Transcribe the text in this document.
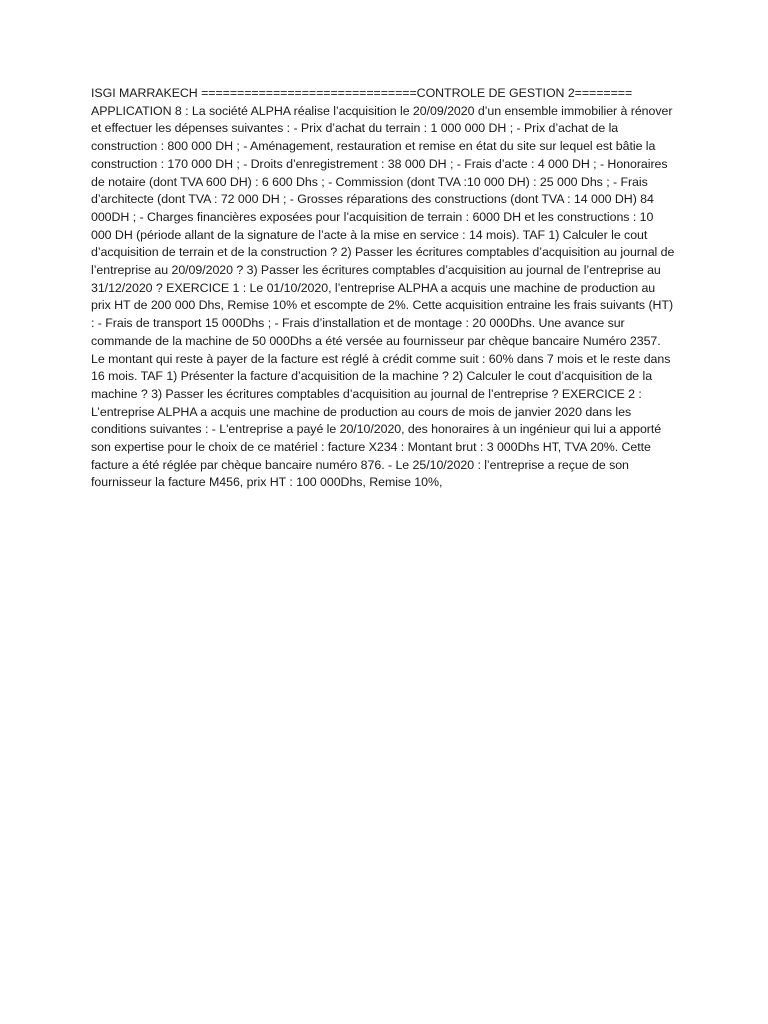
ISGI MARRAKECH ==============================CONTROLE DE GESTION 2======== APPLICATION 8 : La société ALPHA réalise l’acquisition le 20/09/2020 d’un ensemble immobilier à rénover et effectuer les dépenses suivantes : - Prix d’achat du terrain : 1 000 000 DH ; - Prix d’achat de la construction : 800 000 DH ; - Aménagement, restauration et remise en état du site sur lequel est bâtie la construction : 170 000 DH ; - Droits d’enregistrement : 38 000 DH ; - Frais d’acte : 4 000 DH ; - Honoraires de notaire (dont TVA 600 DH) : 6 600 Dhs ; - Commission (dont TVA :10 000 DH) : 25 000 Dhs ; - Frais d’architecte (dont TVA : 72 000 DH ; - Grosses réparations des constructions (dont TVA : 14 000 DH) 84 000DH ; - Charges financières exposées pour l’acquisition de terrain : 6000 DH et les constructions : 10 000 DH (période allant de la signature de l’acte à la mise en service : 14 mois). TAF 1) Calculer le cout d’acquisition de terrain et de la construction ? 2) Passer les écritures comptables d’acquisition au journal de l’entreprise au 20/09/2020 ? 3) Passer les écritures comptables d’acquisition au journal de l’entreprise au 31/12/2020 ? EXERCICE 1 : Le 01/10/2020, l’entreprise ALPHA a acquis une machine de production au prix HT de 200 000 Dhs, Remise 10% et escompte de 2%. Cette acquisition entraine les frais suivants (HT) : - Frais de transport 15 000Dhs ; - Frais d’installation et de montage : 20 000Dhs. Une avance sur commande de la machine de 50 000Dhs a été versée au fournisseur par chèque bancaire Numéro 2357. Le montant qui reste à payer de la facture est réglé à crédit comme suit : 60% dans 7 mois et le reste dans 16 mois. TAF 1) Présenter la facture d’acquisition de la machine ? 2) Calculer le cout d’acquisition de la machine ? 3) Passer les écritures comptables d’acquisition au journal de l’entreprise ? EXERCICE 2 : L’entreprise ALPHA a acquis une machine de production au cours de mois de janvier 2020 dans les conditions suivantes : - L'entreprise a payé le 20/10/2020, des honoraires à un ingénieur qui lui a apporté son expertise pour le choix de ce matériel : facture X234 : Montant brut : 3 000Dhs HT, TVA 20%. Cette facture a été réglée par chèque bancaire numéro 876. - Le 25/10/2020 : l’entreprise a reçue de son fournisseur la facture M456, prix HT : 100 000Dhs, Remise 10%,
